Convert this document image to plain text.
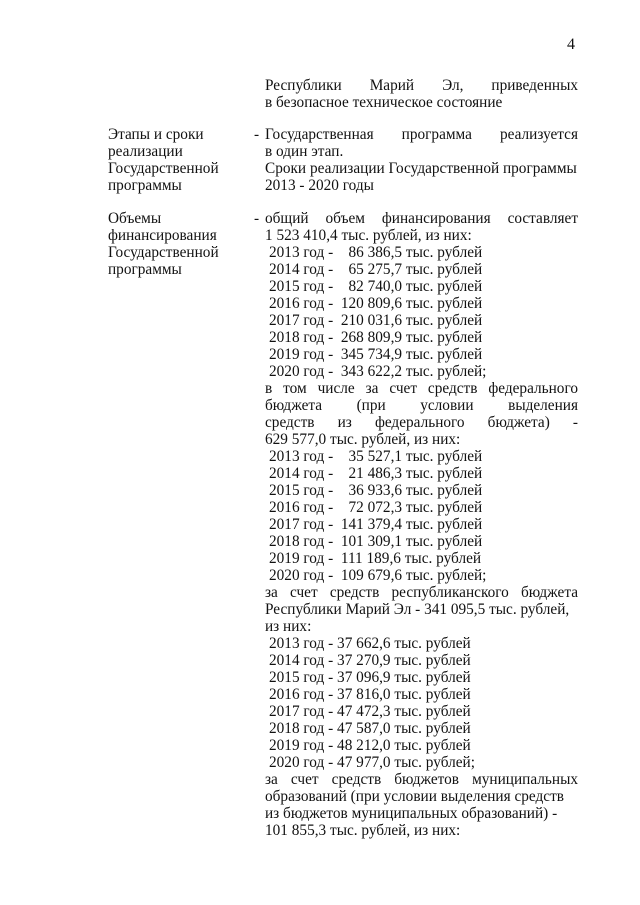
4
Республики Марий Эл, приведенных
в безопасное техническое состояние
Этапы и сроки
реализации
Государственной
программы
- Государственная программа реализуется
в один этап.
Сроки реализации Государственной программы
2013 - 2020 годы
Объемы
финансирования
Государственной
программы
- общий объем финансирования составляет
1 523 410,4 тыс. рублей, из них:
2013 год -    86 386,5 тыс. рублей
2014 год -    65 275,7 тыс. рублей
2015 год -    82 740,0 тыс. рублей
2016 год -  120 809,6 тыс. рублей
2017 год -  210 031,6 тыс. рублей
2018 год -  268 809,9 тыс. рублей
2019 год -  345 734,9 тыс. рублей
2020 год -  343 622,2 тыс. рублей;
в том числе за счет средств федерального
бюджета (при условии выделения
средств из федерального бюджета) -
629 577,0 тыс. рублей, из них:
2013 год -    35 527,1 тыс. рублей
2014 год -    21 486,3 тыс. рублей
2015 год -    36 933,6 тыс. рублей
2016 год -    72 072,3 тыс. рублей
2017 год -  141 379,4 тыс. рублей
2018 год -  101 309,1 тыс. рублей
2019 год -  111 189,6 тыс. рублей
2020 год -  109 679,6 тыс. рублей;
за счет средств республиканского бюджета
Республики Марий Эл - 341 095,5 тыс. рублей,
из них:
2013 год - 37 662,6 тыс. рублей
2014 год - 37 270,9 тыс. рублей
2015 год - 37 096,9 тыс. рублей
2016 год - 37 816,0 тыс. рублей
2017 год - 47 472,3 тыс. рублей
2018 год - 47 587,0 тыс. рублей
2019 год - 48 212,0 тыс. рублей
2020 год - 47 977,0 тыс. рублей;
за счет средств бюджетов муниципальных
образований (при условии выделения средств
из бюджетов муниципальных образований) -
101 855,3 тыс. рублей, из них:
